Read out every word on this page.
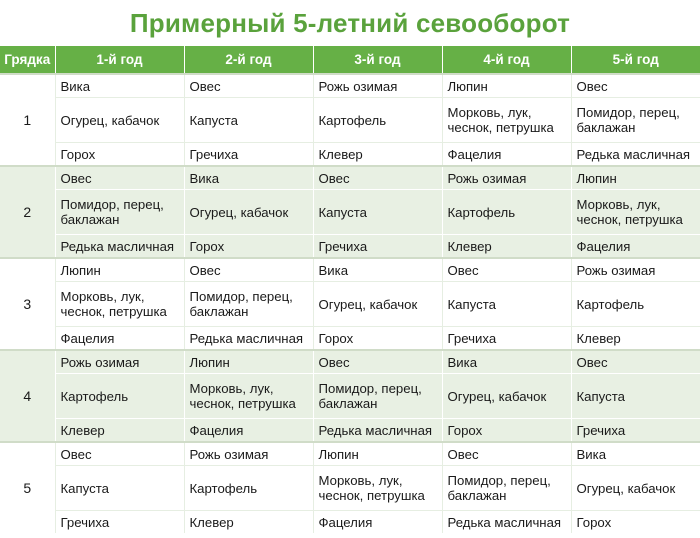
Примерный 5-летний севооборот
Грядка	1-й год	2-й год	3-й год	4-й год	5-й год
1	Вика	Овес	Рожь озимая	Люпин	Овес
	Огурец, кабачок	Капуста	Картофель	Морковь, лук, чеснок, петрушка	Помидор, перец, баклажан
	Горох	Гречиха	Клевер	Фацелия	Редька масличная
2	Овес	Вика	Овес	Рожь озимая	Люпин
	Помидор, перец, баклажан	Огурец, кабачок	Капуста	Картофель	Морковь, лук, чеснок, петрушка
	Редька масличная	Горох	Гречиха	Клевер	Фацелия
3	Люпин	Овес	Вика	Овес	Рожь озимая
	Морковь, лук, чеснок, петрушка	Помидор, перец, баклажан	Огурец, кабачок	Капуста	Картофель
	Фацелия	Редька масличная	Горох	Гречиха	Клевер
4	Рожь озимая	Люпин	Овес	Вика	Овес
	Картофель	Морковь, лук, чеснок, петрушка	Помидор, перец, баклажан	Огурец, кабачок	Капуста
	Клевер	Фацелия	Редька масличная	Горох	Гречиха
5	Овес	Рожь озимая	Люпин	Овес	Вика
	Капуста	Картофель	Морковь, лук, чеснок, петрушка	Помидор, перец, баклажан	Огурец, кабачок
	Гречиха	Клевер	Фацелия	Редька масличная	Горох
